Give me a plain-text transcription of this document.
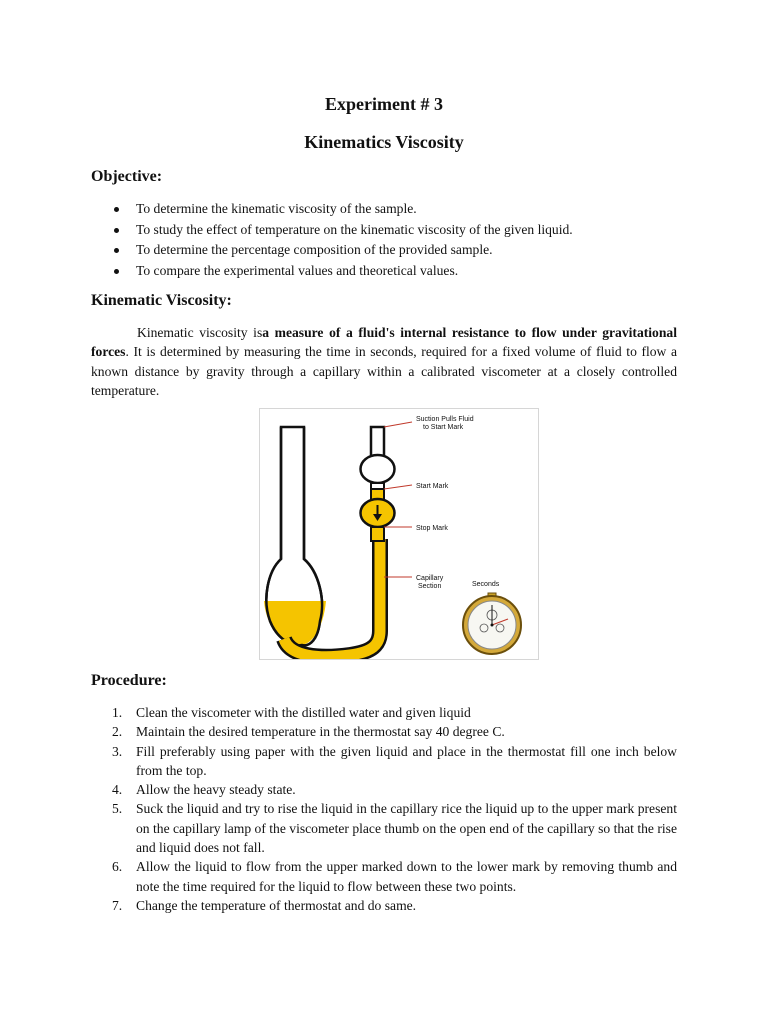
Experiment # 3
Kinematics Viscosity
Objective:
To determine the kinematic viscosity of the sample.
To study the effect of temperature on the kinematic viscosity of the given liquid.
To determine the percentage composition of the provided sample.
To compare the experimental values and theoretical values.
Kinematic Viscosity:

Kinematic viscosity isa measure of a fluid's internal resistance to flow under gravitational forces. It is determined by measuring the time in seconds, required for a fixed volume of fluid to flow a known distance by gravity through a capillary within a calibrated viscometer at a closely controlled temperature.

Suction Pulls Fluid
to Start Mark
Start Mark
Stop Mark
Capillary
Section	Seconds
Procedure:
1. Clean the viscometer with the distilled water and given liquid
2. Maintain the desired temperature in the thermostat say 40 degree C.
3. Fill preferably using paper with the given liquid and place in the thermostat fill one inch below from the top.
4. Allow the heavy steady state.
5. Suck the liquid and try to rise the liquid in the capillary rice the liquid up to the upper mark present on the capillary lamp of the viscometer place thumb on the open end of the capillary so that the rise and liquid does not fall.
6. Allow the liquid to flow from the upper marked down to the lower mark by removing thumb and note the time required for the liquid to flow between these two points.
7. Change the temperature of thermostat and do same.
